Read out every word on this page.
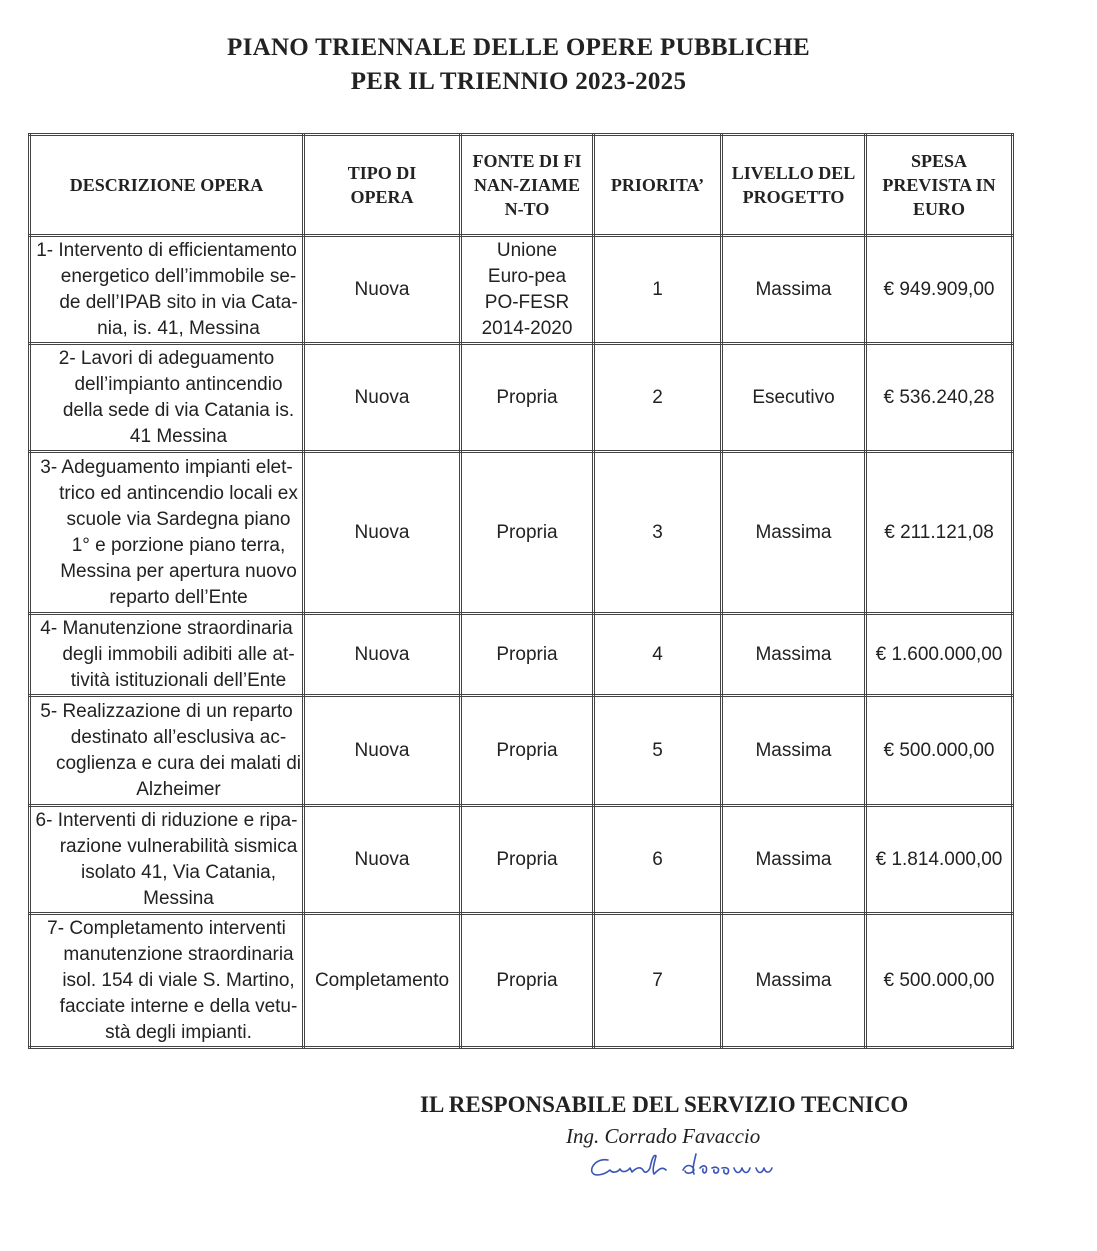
PIANO TRIENNALE DELLE OPERE PUBBLICHE
PER IL TRIENNIO 2023-2025
DESCRIZIONE OPERA	TIPO DI OPERA	FONTE DI FINAN-ZIAMEN-TO	PRIORITA’	LIVELLO DEL PROGETTO	SPESA PREVISTA IN EURO

1- Intervento di efficientamento energetico dell’immobile se-de dell’IPAB sito in via Cata-nia, is. 41, Messina	Nuova	Unione Euro-pea PO-FESR 2014-2020	1	Massima	€ 949.909,00

2- Lavori di adeguamento dell’impianto antincendio della sede di via Catania is. 41 Messina	Nuova	Propria	2	Esecutivo	€ 536.240,28

3- Adeguamento impianti elet-trico ed antincendio locali ex scuole via Sardegna piano 1° e porzione piano terra, Messina per apertura nuovo reparto dell’Ente	Nuova	Propria	3	Massima	€ 211.121,08

4- Manutenzione straordinaria degli immobili adibiti alle at-tività istituzionali dell’Ente	Nuova	Propria	4	Massima	€ 1.600.000,00

5- Realizzazione di un reparto destinato all’esclusiva ac-coglienza e cura dei malati di Alzheimer	Nuova	Propria	5	Massima	€ 500.000,00

6- Interventi di riduzione e ripa-razione vulnerabilità sismica isolato 41, Via Catania, Messina	Nuova	Propria	6	Massima	€ 1.814.000,00

7- Completamento interventi manutenzione straordinaria isol. 154 di viale S. Martino, facciate interne e della vetu-stà degli impianti.	Completamento	Propria	7	Massima	€ 500.000,00
IL RESPONSABILE DEL SERVIZIO TECNICO
Ing. Corrado Favaccio
